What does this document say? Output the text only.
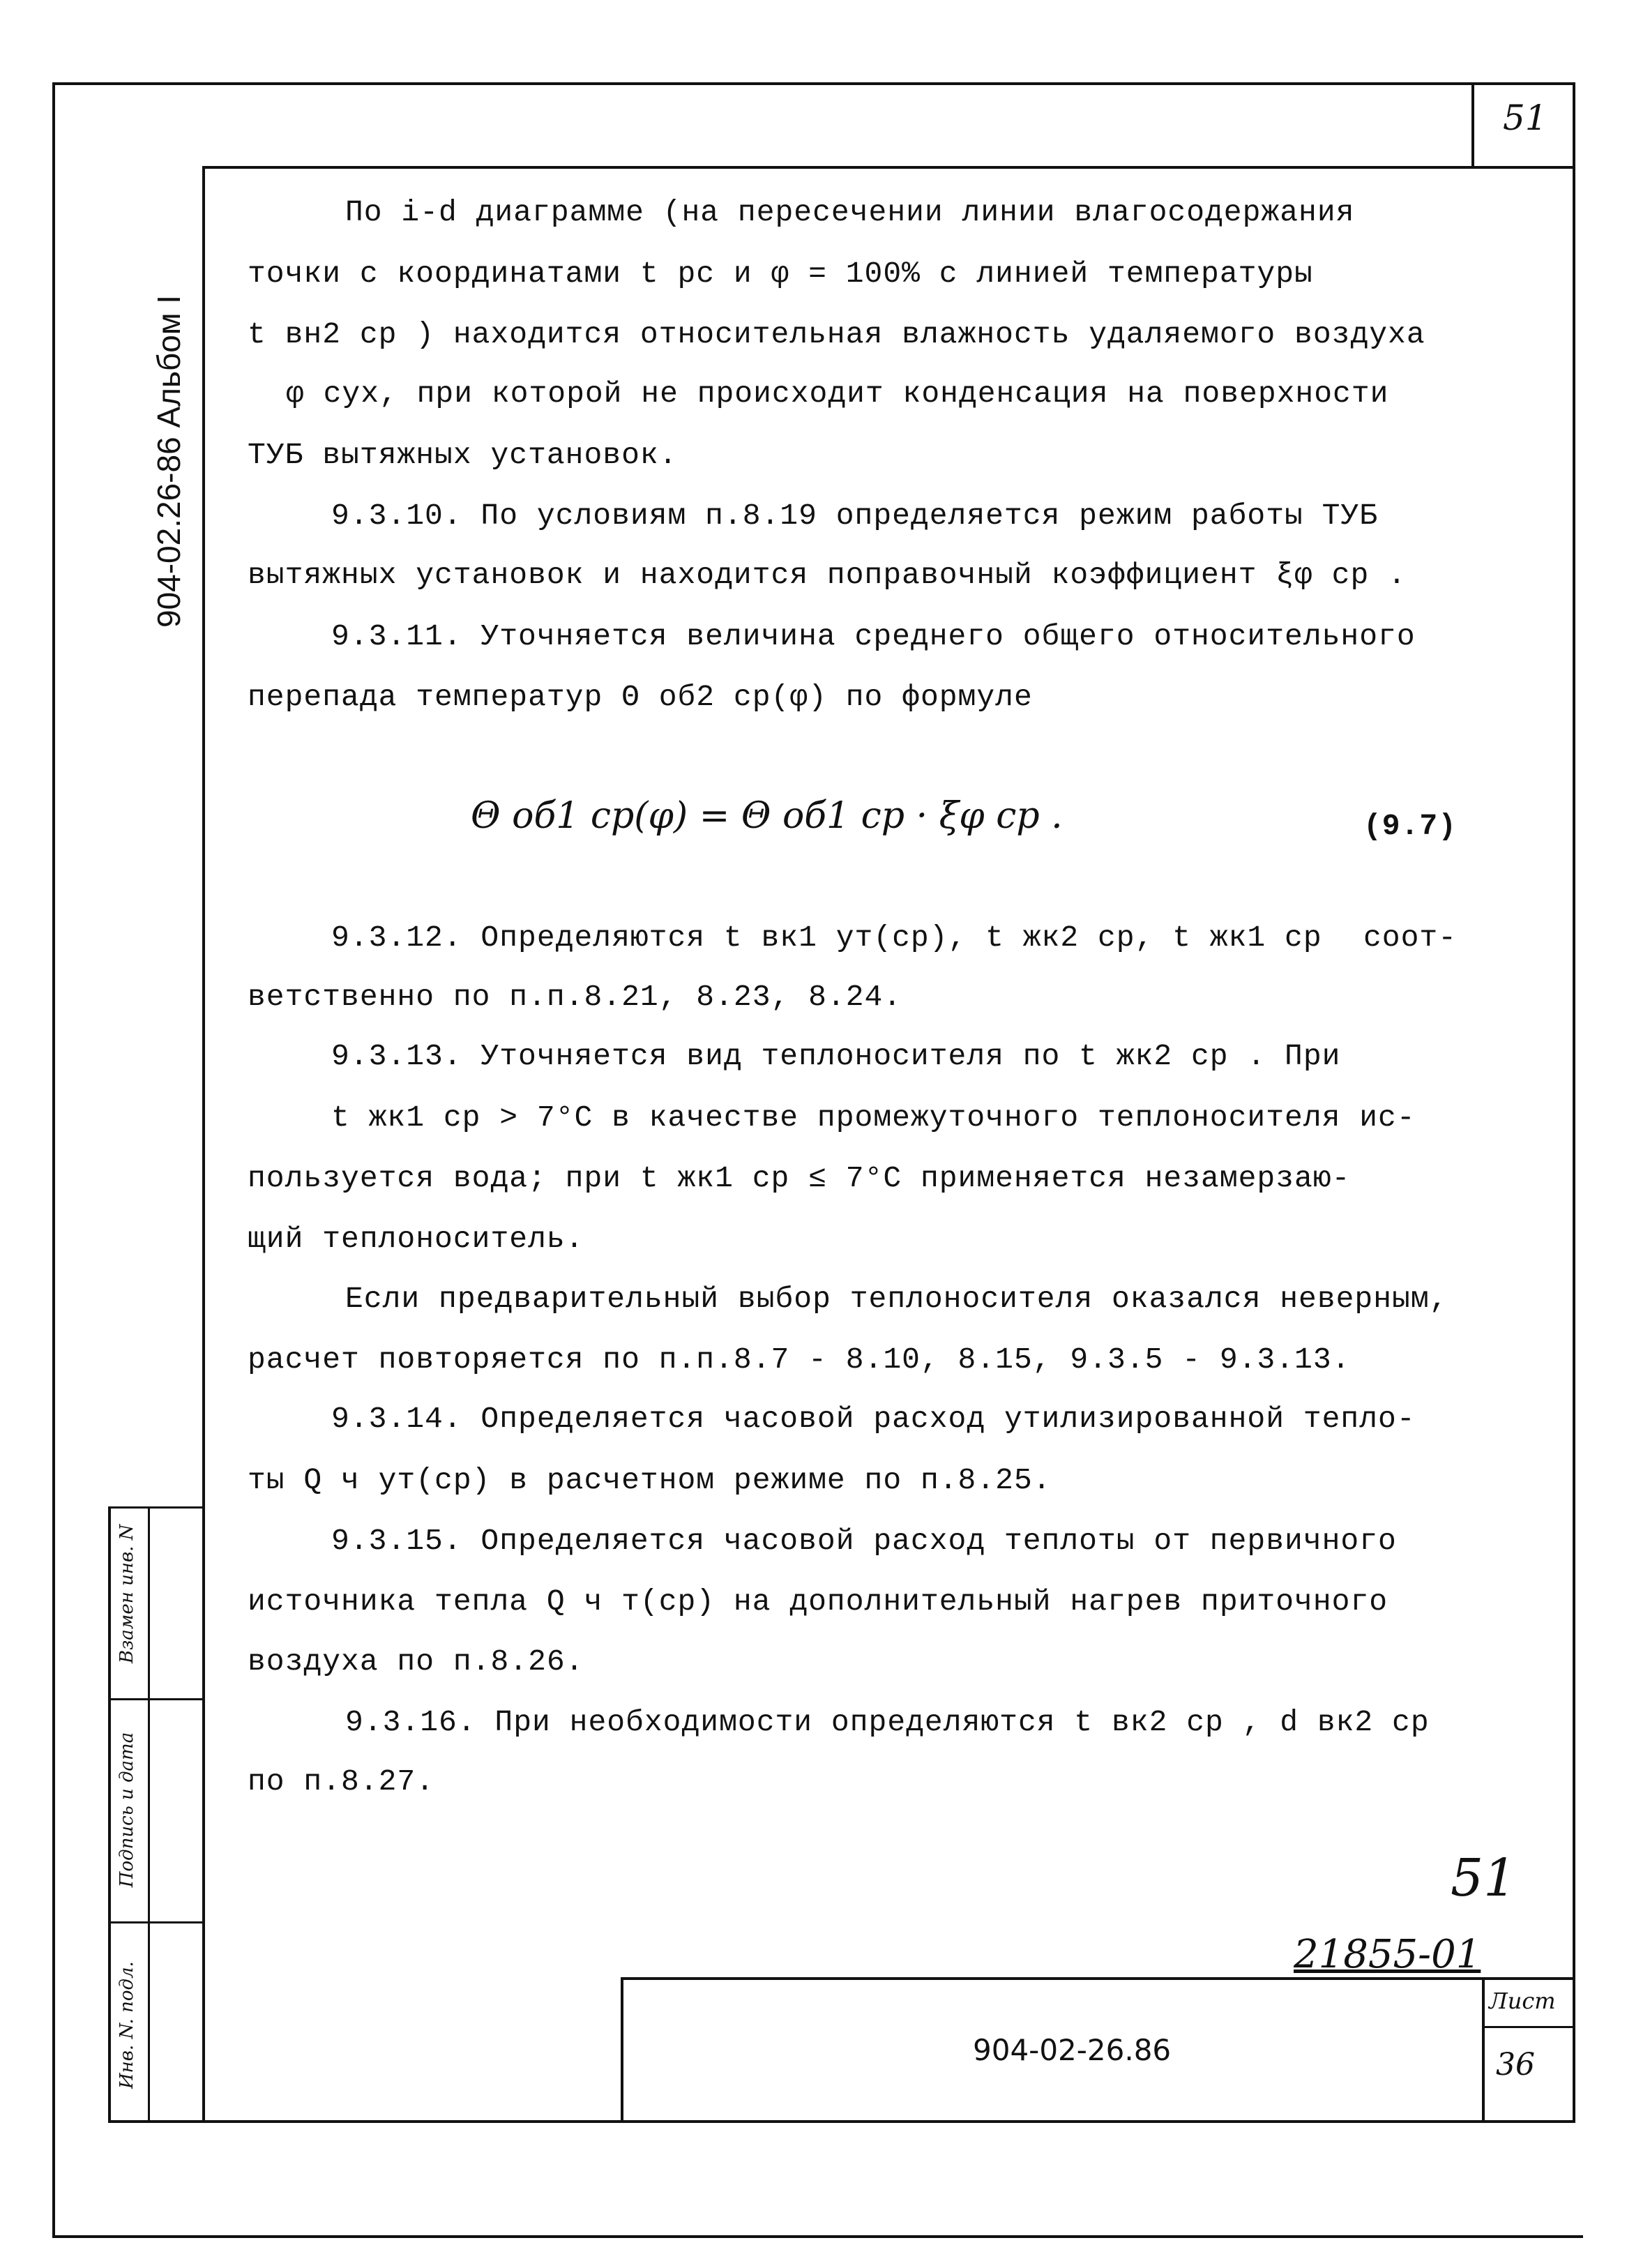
51
904-02.26-86 Альбом I
Взамен инв. N
Подпись и дата
Инв. N. подл.
По i-d диаграмме (на пересечении линии влагосодержания
точки с координатами t рс и φ = 100% с линией температуры
t вн2 ср ) находится относительная влажность удаляемого воздуха
φ сух, при которой не происходит конденсация на поверхности
ТУБ вытяжных установок.
9.3.10. По условиям п.8.19 определяется режим работы ТУБ
вытяжных установок и находится поправочный коэффициент ξφ ср .
9.3.11. Уточняется величина среднего общего относительного
перепада температур Θ об2 ср(φ) по формуле
Θ об1 ср(φ) = Θ об1 ср · ξφ ср .	(9.7)
9.3.12. Определяются t вк1 ут(ср), t жк2 ср, t жк1 ср соот-
ветственно по п.п.8.21, 8.23, 8.24.
9.3.13. Уточняется вид теплоносителя по t жк2 ср . При
t жк1 ср > 7°С в качестве промежуточного теплоносителя ис-
пользуется вода; при t жк1 ср ≤ 7°С применяется незамерзаю-
щий теплоноситель.
Если предварительный выбор теплоносителя оказался неверным,
расчет повторяется по п.п.8.7 - 8.10, 8.15, 9.3.5 - 9.3.13.
9.3.14. Определяется часовой расход утилизированной тепло-
ты Q ч ут(ср) в расчетном режиме по п.8.25.
9.3.15. Определяется часовой расход теплоты от первичного
источника тепла Q ч т(ср) на дополнительный нагрев приточного
воздуха по п.8.26.
9.3.16. При необходимости определяются t вк2 ср , d вк2 ср
по п.8.27.
51
21855-01
904-02-26.86
Лист
36
